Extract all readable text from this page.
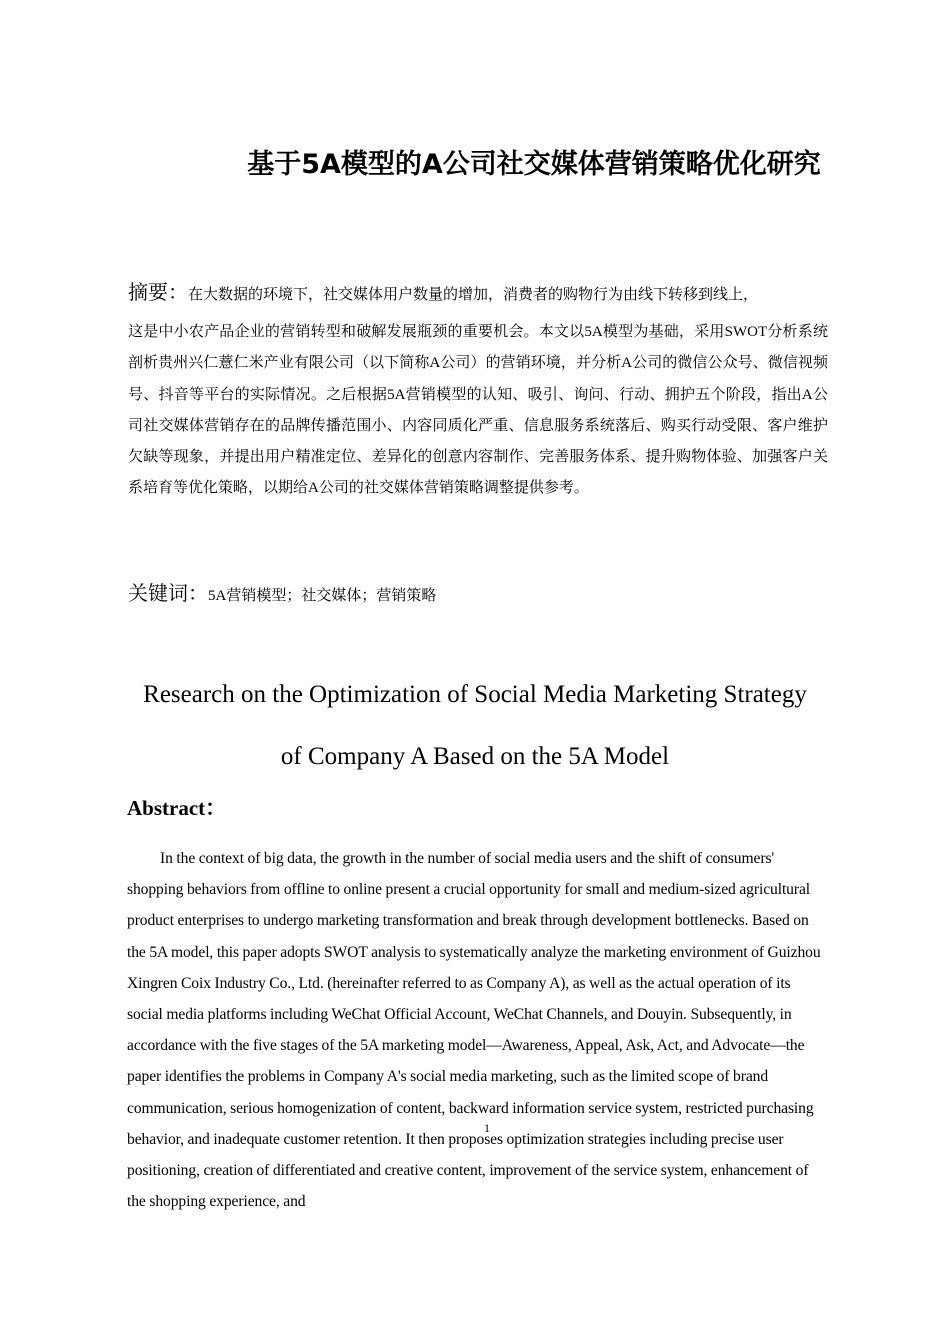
基于5A模型的A公司社交媒体营销策略优化研究
摘要：在大数据的环境下，社交媒体用户数量的增加，消费者的购物行为由线下转移到线上，
这是中小农产品企业的营销转型和破解发展瓶颈的重要机会。本文以5A模型为基础，采用SWOT分析系统剖析贵州兴仁薏仁米产业有限公司（以下简称A公司）的营销环境，并分析A公司的微信公众号、微信视频号、抖音等平台的实际情况。之后根据5A营销模型的认知、吸引、询问、行动、拥护五个阶段，指出A公司社交媒体营销存在的品牌传播范围小、内容同质化严重、信息服务系统落后、购买行动受限、客户维护欠缺等现象，并提出用户精准定位、差异化的创意内容制作、完善服务体系、提升购物体验、加强客户关系培育等优化策略，以期给A公司的社交媒体营销策略调整提供参考。
关键词：5A营销模型；社交媒体；营销策略
Research on the Optimization of Social Media Marketing Strategy
of Company A Based on the 5A Model
Abstract：

In the context of big data, the growth in the number of social media users and the shift of consumers' shopping behaviors from offline to online present a crucial opportunity for small and medium-sized agricultural product enterprises to undergo marketing transformation and break through development bottlenecks. Based on the 5A model, this paper adopts SWOT analysis to systematically analyze the marketing environment of Guizhou Xingren Coix Industry Co., Ltd. (hereinafter referred to as Company A), as well as the actual operation of its social media platforms including WeChat Official Account, WeChat Channels, and Douyin. Subsequently, in accordance with the five stages of the 5A marketing model—Awareness, Appeal, Ask, Act, and Advocate—the paper identifies the problems in Company A's social media marketing, such as the limited scope of brand communication, serious homogenization of content, backward information service system, restricted purchasing behavior, and inadequate customer retention. It then proposes optimization strategies including precise user positioning, creation of differentiated and creative content, improvement of the service system, enhancement of the shopping experience, and

1
